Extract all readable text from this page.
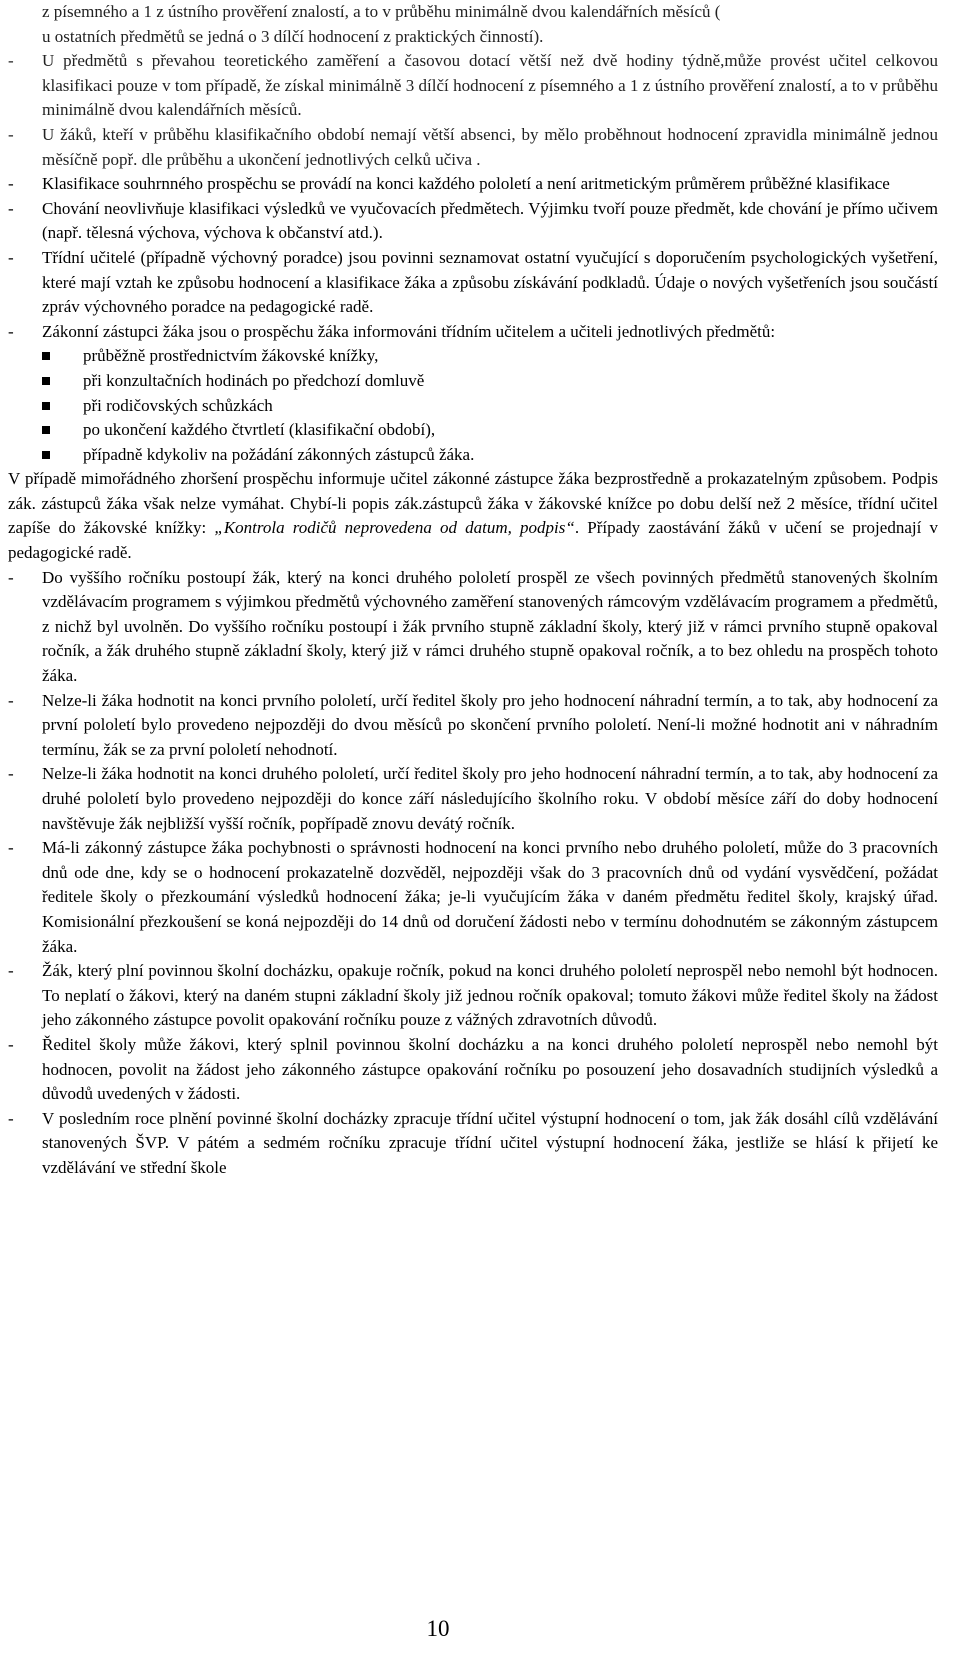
z písemného a 1 z ústního prověření znalostí, a to v průběhu minimálně dvou kalendářních měsíců (
u ostatních předmětů se jedná o 3 dílčí hodnocení z praktických činností).
- U předmětů s převahou teoretického zaměření a časovou dotací větší než dvě hodiny týdně,může provést učitel celkovou klasifikaci pouze v tom případě, že získal minimálně 3 dílčí hodnocení z písemného a 1 z ústního prověření znalostí, a to v průběhu minimálně dvou kalendářních měsíců.
- U žáků, kteří v průběhu klasifikačního období nemají větší absenci, by mělo proběhnout hodnocení zpravidla minimálně jednou měsíčně popř. dle průběhu a ukončení jednotlivých celků učiva .
- Klasifikace souhrnného prospěchu se provádí na konci každého pololetí a není aritmetickým průměrem průběžné klasifikace
- Chování neovlivňuje klasifikaci výsledků ve vyučovacích předmětech. Výjimku tvoří pouze předmět, kde chování je přímo učivem (např. tělesná výchova, výchova k občanství atd.).
- Třídní učitelé (případně výchovný poradce) jsou povinni seznamovat ostatní vyučující s doporučením psychologických vyšetření, které mají vztah ke způsobu hodnocení a klasifikace žáka a způsobu získávání podkladů. Údaje o nových vyšetřeních jsou součástí zpráv výchovného poradce na pedagogické radě.
- Zákonní zástupci žáka jsou o prospěchu žáka informováni třídním učitelem a učiteli jednotlivých předmětů:
průběžně prostřednictvím žákovské knížky,
při konzultačních hodinách po předchozí domluvě
při rodičovských schůzkách
po ukončení každého čtvrtletí (klasifikační období),
případně kdykoliv na požádání zákonných zástupců žáka.
V případě mimořádného zhoršení prospěchu informuje učitel zákonné zástupce žáka bezprostředně a prokazatelným způsobem. Podpis zák. zástupců žáka však nelze vymáhat. Chybí-li popis zák.zástupců žáka v žákovské knížce po dobu delší než 2 měsíce, třídní učitel zapíše do žákovské knížky: „Kontrola rodičů neprovedena od datum, podpis“. Případy zaostávání žáků v učení se projednají v pedagogické radě.
- Do vyššího ročníku postoupí žák, který na konci druhého pololetí prospěl ze všech povinných předmětů stanovených školním vzdělávacím programem s výjimkou předmětů výchovného zaměření stanovených rámcovým vzdělávacím programem a předmětů, z nichž byl uvolněn. Do vyššího ročníku postoupí i žák prvního stupně základní školy, který již v rámci prvního stupně opakoval ročník, a žák druhého stupně základní školy, který již v rámci druhého stupně opakoval ročník, a to bez ohledu na prospěch tohoto žáka.
- Nelze-li žáka hodnotit na konci prvního pololetí, určí ředitel školy pro jeho hodnocení náhradní termín, a to tak, aby hodnocení za první pololetí bylo provedeno nejpozději do dvou měsíců po skončení prvního pololetí. Není-li možné hodnotit ani v náhradním termínu, žák se za první pololetí nehodnotí.
- Nelze-li žáka hodnotit na konci druhého pololetí, určí ředitel školy pro jeho hodnocení náhradní termín, a to tak, aby hodnocení za druhé pololetí bylo provedeno nejpozději do konce září následujícího školního roku. V období měsíce září do doby hodnocení navštěvuje žák nejbližší vyšší ročník, popřípadě znovu devátý ročník.
- Má-li zákonný zástupce žáka pochybnosti o správnosti hodnocení na konci prvního nebo druhého pololetí, může do 3 pracovních dnů ode dne, kdy se o hodnocení prokazatelně dozvěděl, nejpozději však do 3 pracovních dnů od vydání vysvědčení, požádat ředitele školy o přezkoumání výsledků hodnocení žáka; je-li vyučujícím žáka v daném předmětu ředitel školy, krajský úřad. Komisionální přezkoušení se koná nejpozději do 14 dnů od doručení žádosti nebo v termínu dohodnutém se zákonným zástupcem žáka.
- Žák, který plní povinnou školní docházku, opakuje ročník, pokud na konci druhého pololetí neprospěl nebo nemohl být hodnocen. To neplatí o žákovi, který na daném stupni základní školy již jednou ročník opakoval; tomuto žákovi může ředitel školy na žádost jeho zákonného zástupce povolit opakování ročníku pouze z vážných zdravotních důvodů.
- Ředitel školy může žákovi, který splnil povinnou školní docházku a na konci druhého pololetí neprospěl nebo nemohl být hodnocen, povolit na žádost jeho zákonného zástupce opakování ročníku po posouzení jeho dosavadních studijních výsledků a důvodů uvedených v žádosti.
- V posledním roce plnění povinné školní docházky zpracuje třídní učitel výstupní hodnocení o tom, jak žák dosáhl cílů vzdělávání stanovených ŠVP. V pátém a sedmém ročníku zpracuje třídní učitel výstupní hodnocení žáka, jestliže se hlásí k přijetí ke vzdělávání ve střední škole
10
